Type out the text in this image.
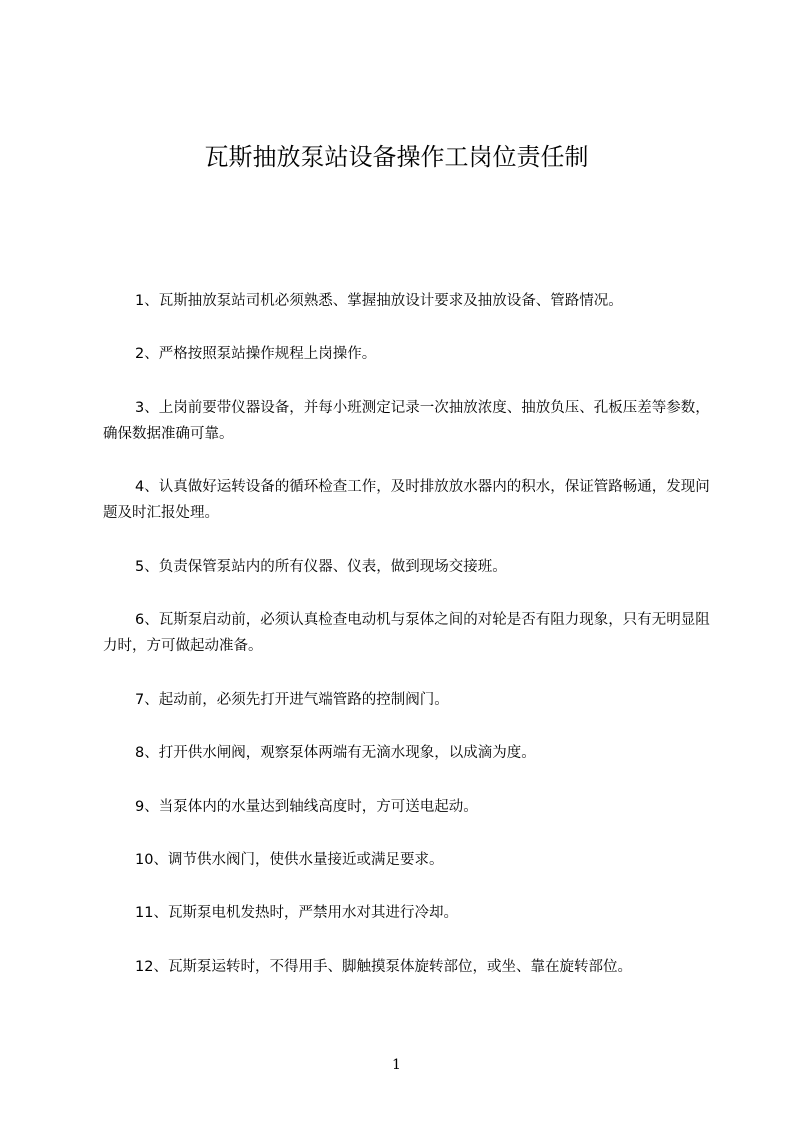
瓦斯抽放泵站设备操作工岗位责任制

1、瓦斯抽放泵站司机必须熟悉、掌握抽放设计要求及抽放设备、管路情况。

2、严格按照泵站操作规程上岗操作。

3、上岗前要带仪器设备，并每小班测定记录一次抽放浓度、抽放负压、孔板压差等参数，确保数据准确可靠。

4、认真做好运转设备的循环检查工作，及时排放放水器内的积水，保证管路畅通，发现问题及时汇报处理。

5、负责保管泵站内的所有仪器、仪表，做到现场交接班。

6、瓦斯泵启动前，必须认真检查电动机与泵体之间的对轮是否有阻力现象，只有无明显阻力时，方可做起动准备。

7、起动前，必须先打开进气端管路的控制阀门。

8、打开供水闸阀，观察泵体两端有无滴水现象，以成滴为度。

9、当泵体内的水量达到轴线高度时，方可送电起动。

10、调节供水阀门，使供水量接近或满足要求。

11、瓦斯泵电机发热时，严禁用水对其进行冷却。

12、瓦斯泵运转时，不得用手、脚触摸泵体旋转部位，或坐、靠在旋转部位。

1
